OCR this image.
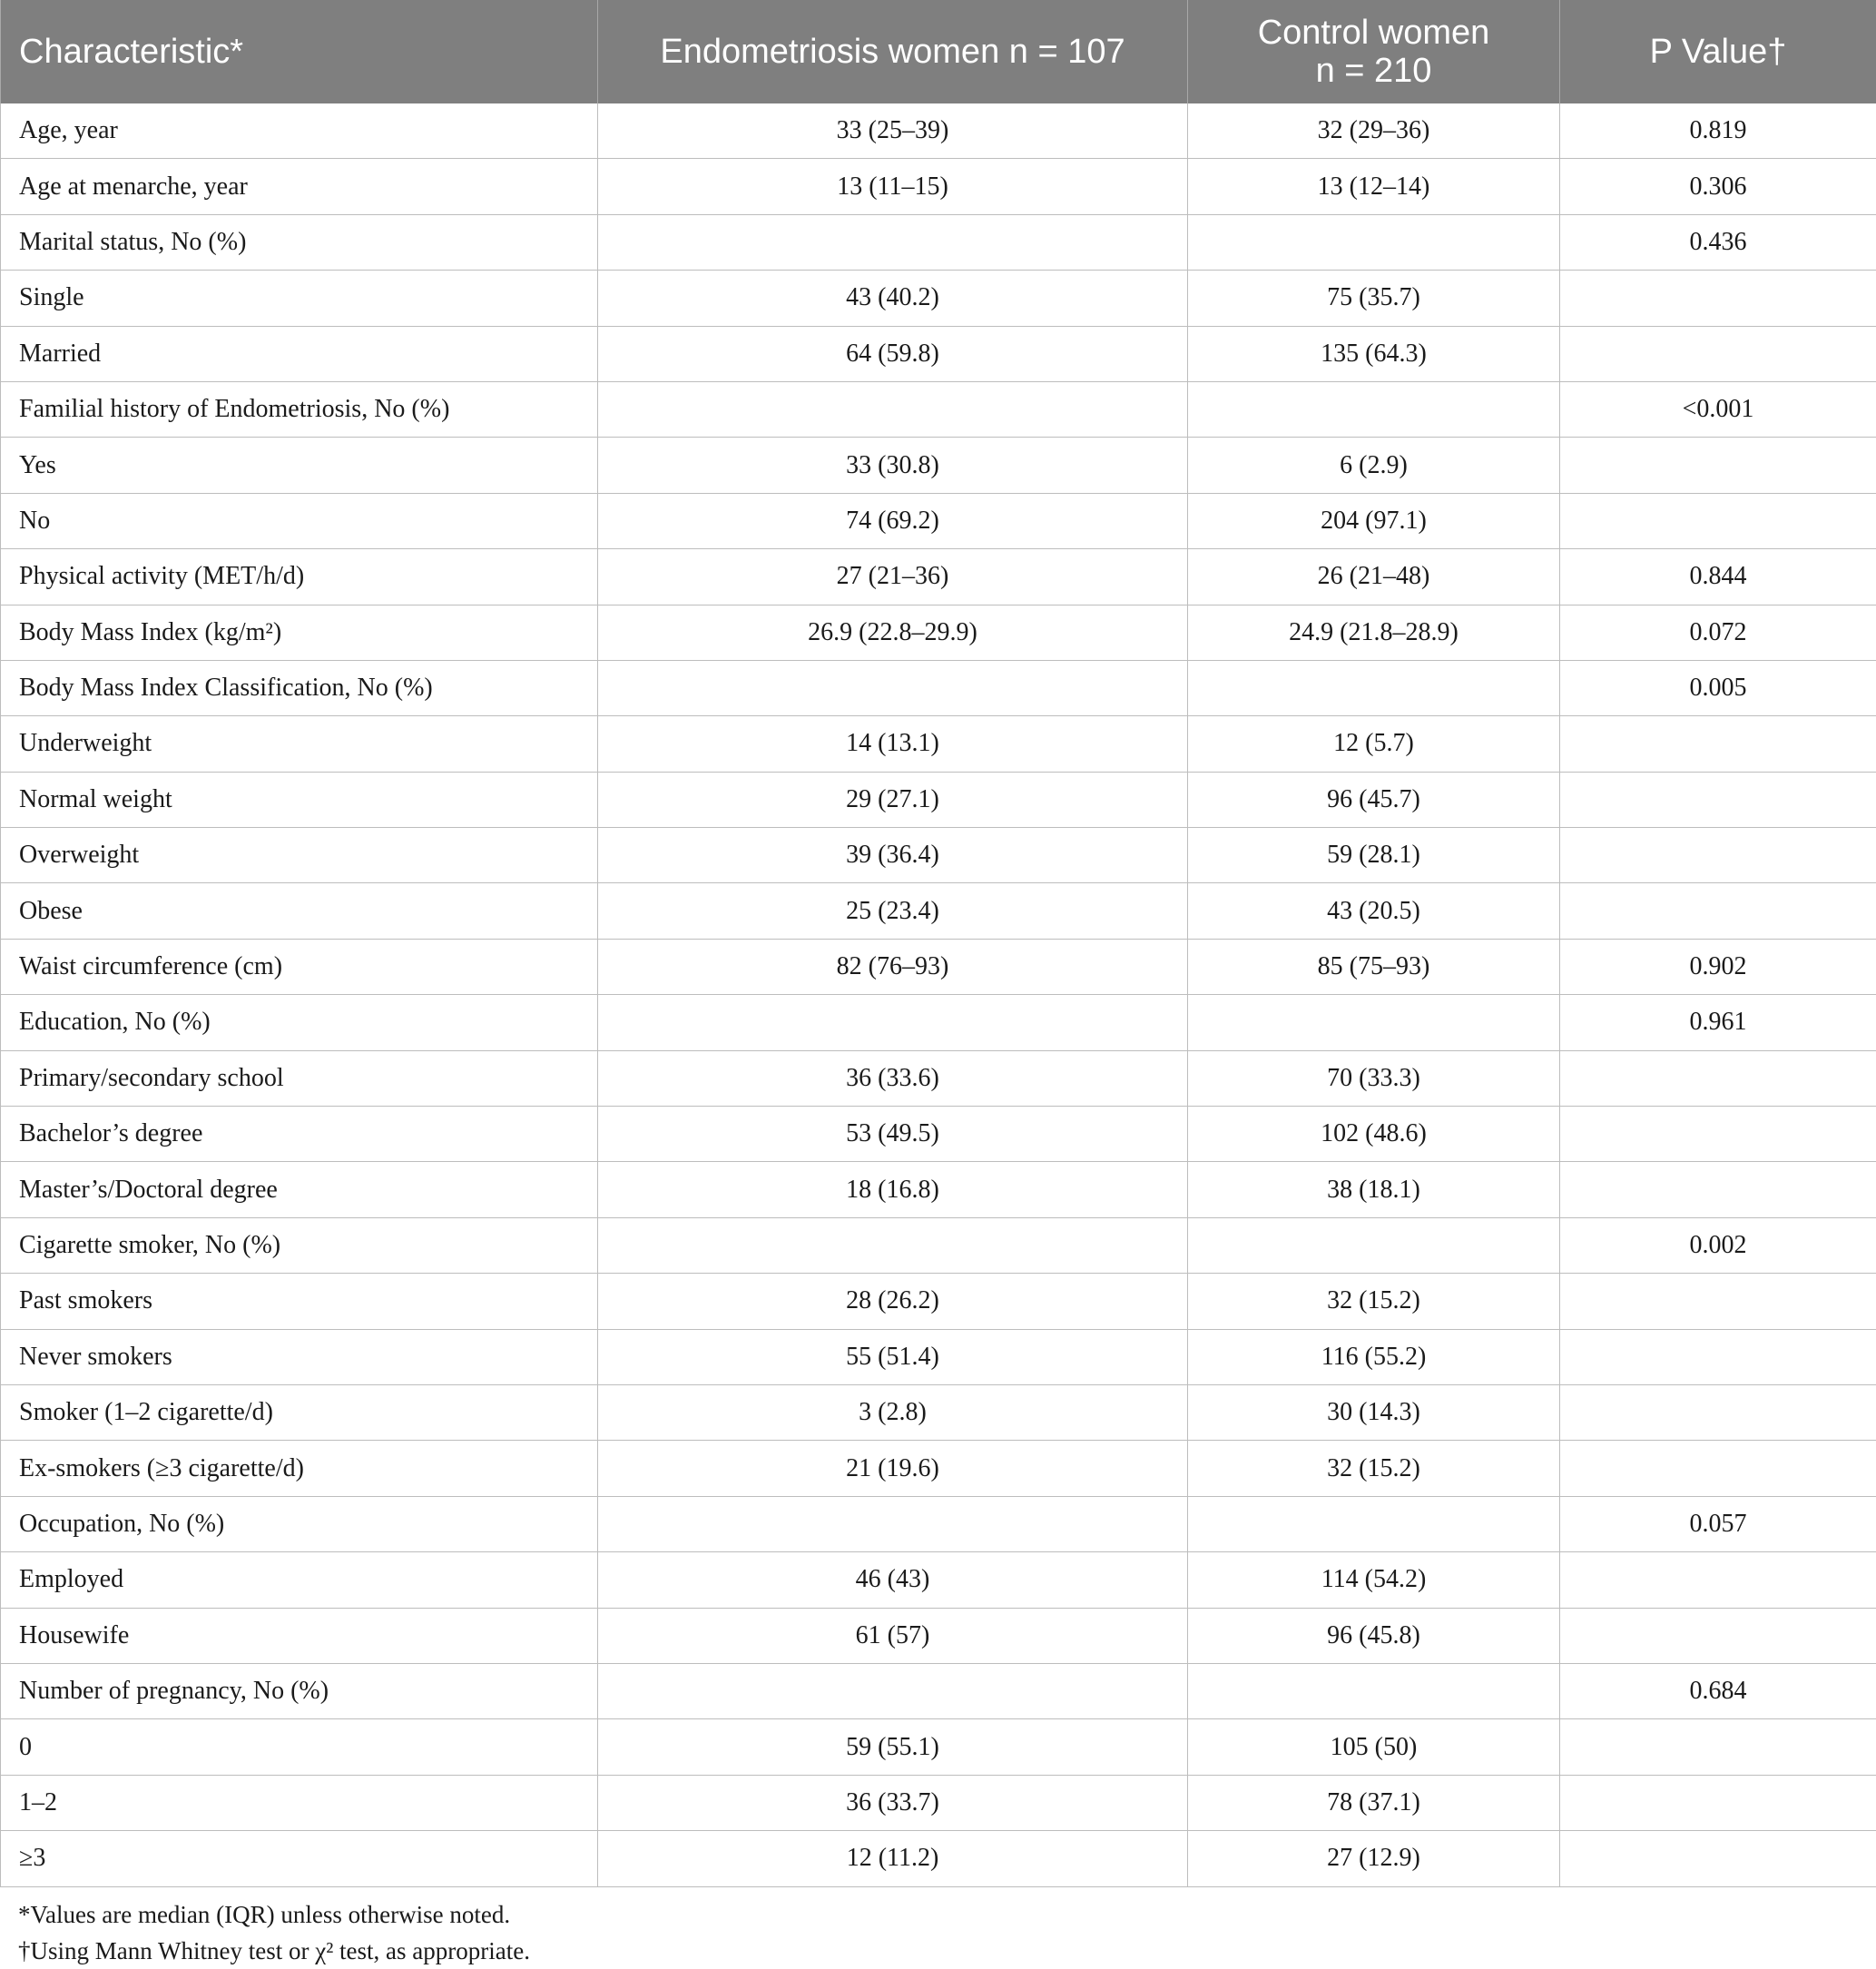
Characteristic*	Endometriosis women n = 107	Control women
n = 210	P Value†
Age, year	33 (25–39)	32 (29–36)	0.819
Age at menarche, year	13 (11–15)	13 (12–14)	0.306
Marital status, No (%)			0.436
Single	43 (40.2)	75 (35.7)	
Married	64 (59.8)	135 (64.3)	
Familial history of Endometriosis, No (%)			<0.001
Yes	33 (30.8)	6 (2.9)	
No	74 (69.2)	204 (97.1)	
Physical activity (MET/h/d)	27 (21–36)	26 (21–48)	0.844
Body Mass Index (kg/m²)	26.9 (22.8–29.9)	24.9 (21.8–28.9)	0.072
Body Mass Index Classification, No (%)			0.005
Underweight	14 (13.1)	12 (5.7)	
Normal weight	29 (27.1)	96 (45.7)	
Overweight	39 (36.4)	59 (28.1)	
Obese	25 (23.4)	43 (20.5)	
Waist circumference (cm)	82 (76–93)	85 (75–93)	0.902
Education, No (%)			0.961
Primary/secondary school	36 (33.6)	70 (33.3)	
Bachelor’s degree	53 (49.5)	102 (48.6)	
Master’s/Doctoral degree	18 (16.8)	38 (18.1)	
Cigarette smoker, No (%)			0.002
Past smokers	28 (26.2)	32 (15.2)	
Never smokers	55 (51.4)	116 (55.2)	
Smoker (1–2 cigarette/d)	3 (2.8)	30 (14.3)	
Ex-smokers (≥3 cigarette/d)	21 (19.6)	32 (15.2)	
Occupation, No (%)			0.057
Employed	46 (43)	114 (54.2)	
Housewife	61 (57)	96 (45.8)	
Number of pregnancy, No (%)			0.684
0	59 (55.1)	105 (50)	
1–2	36 (33.7)	78 (37.1)	
≥3	12 (11.2)	27 (12.9)	
*Values are median (IQR) unless otherwise noted.
†Using Mann Whitney test or χ² test, as appropriate.
